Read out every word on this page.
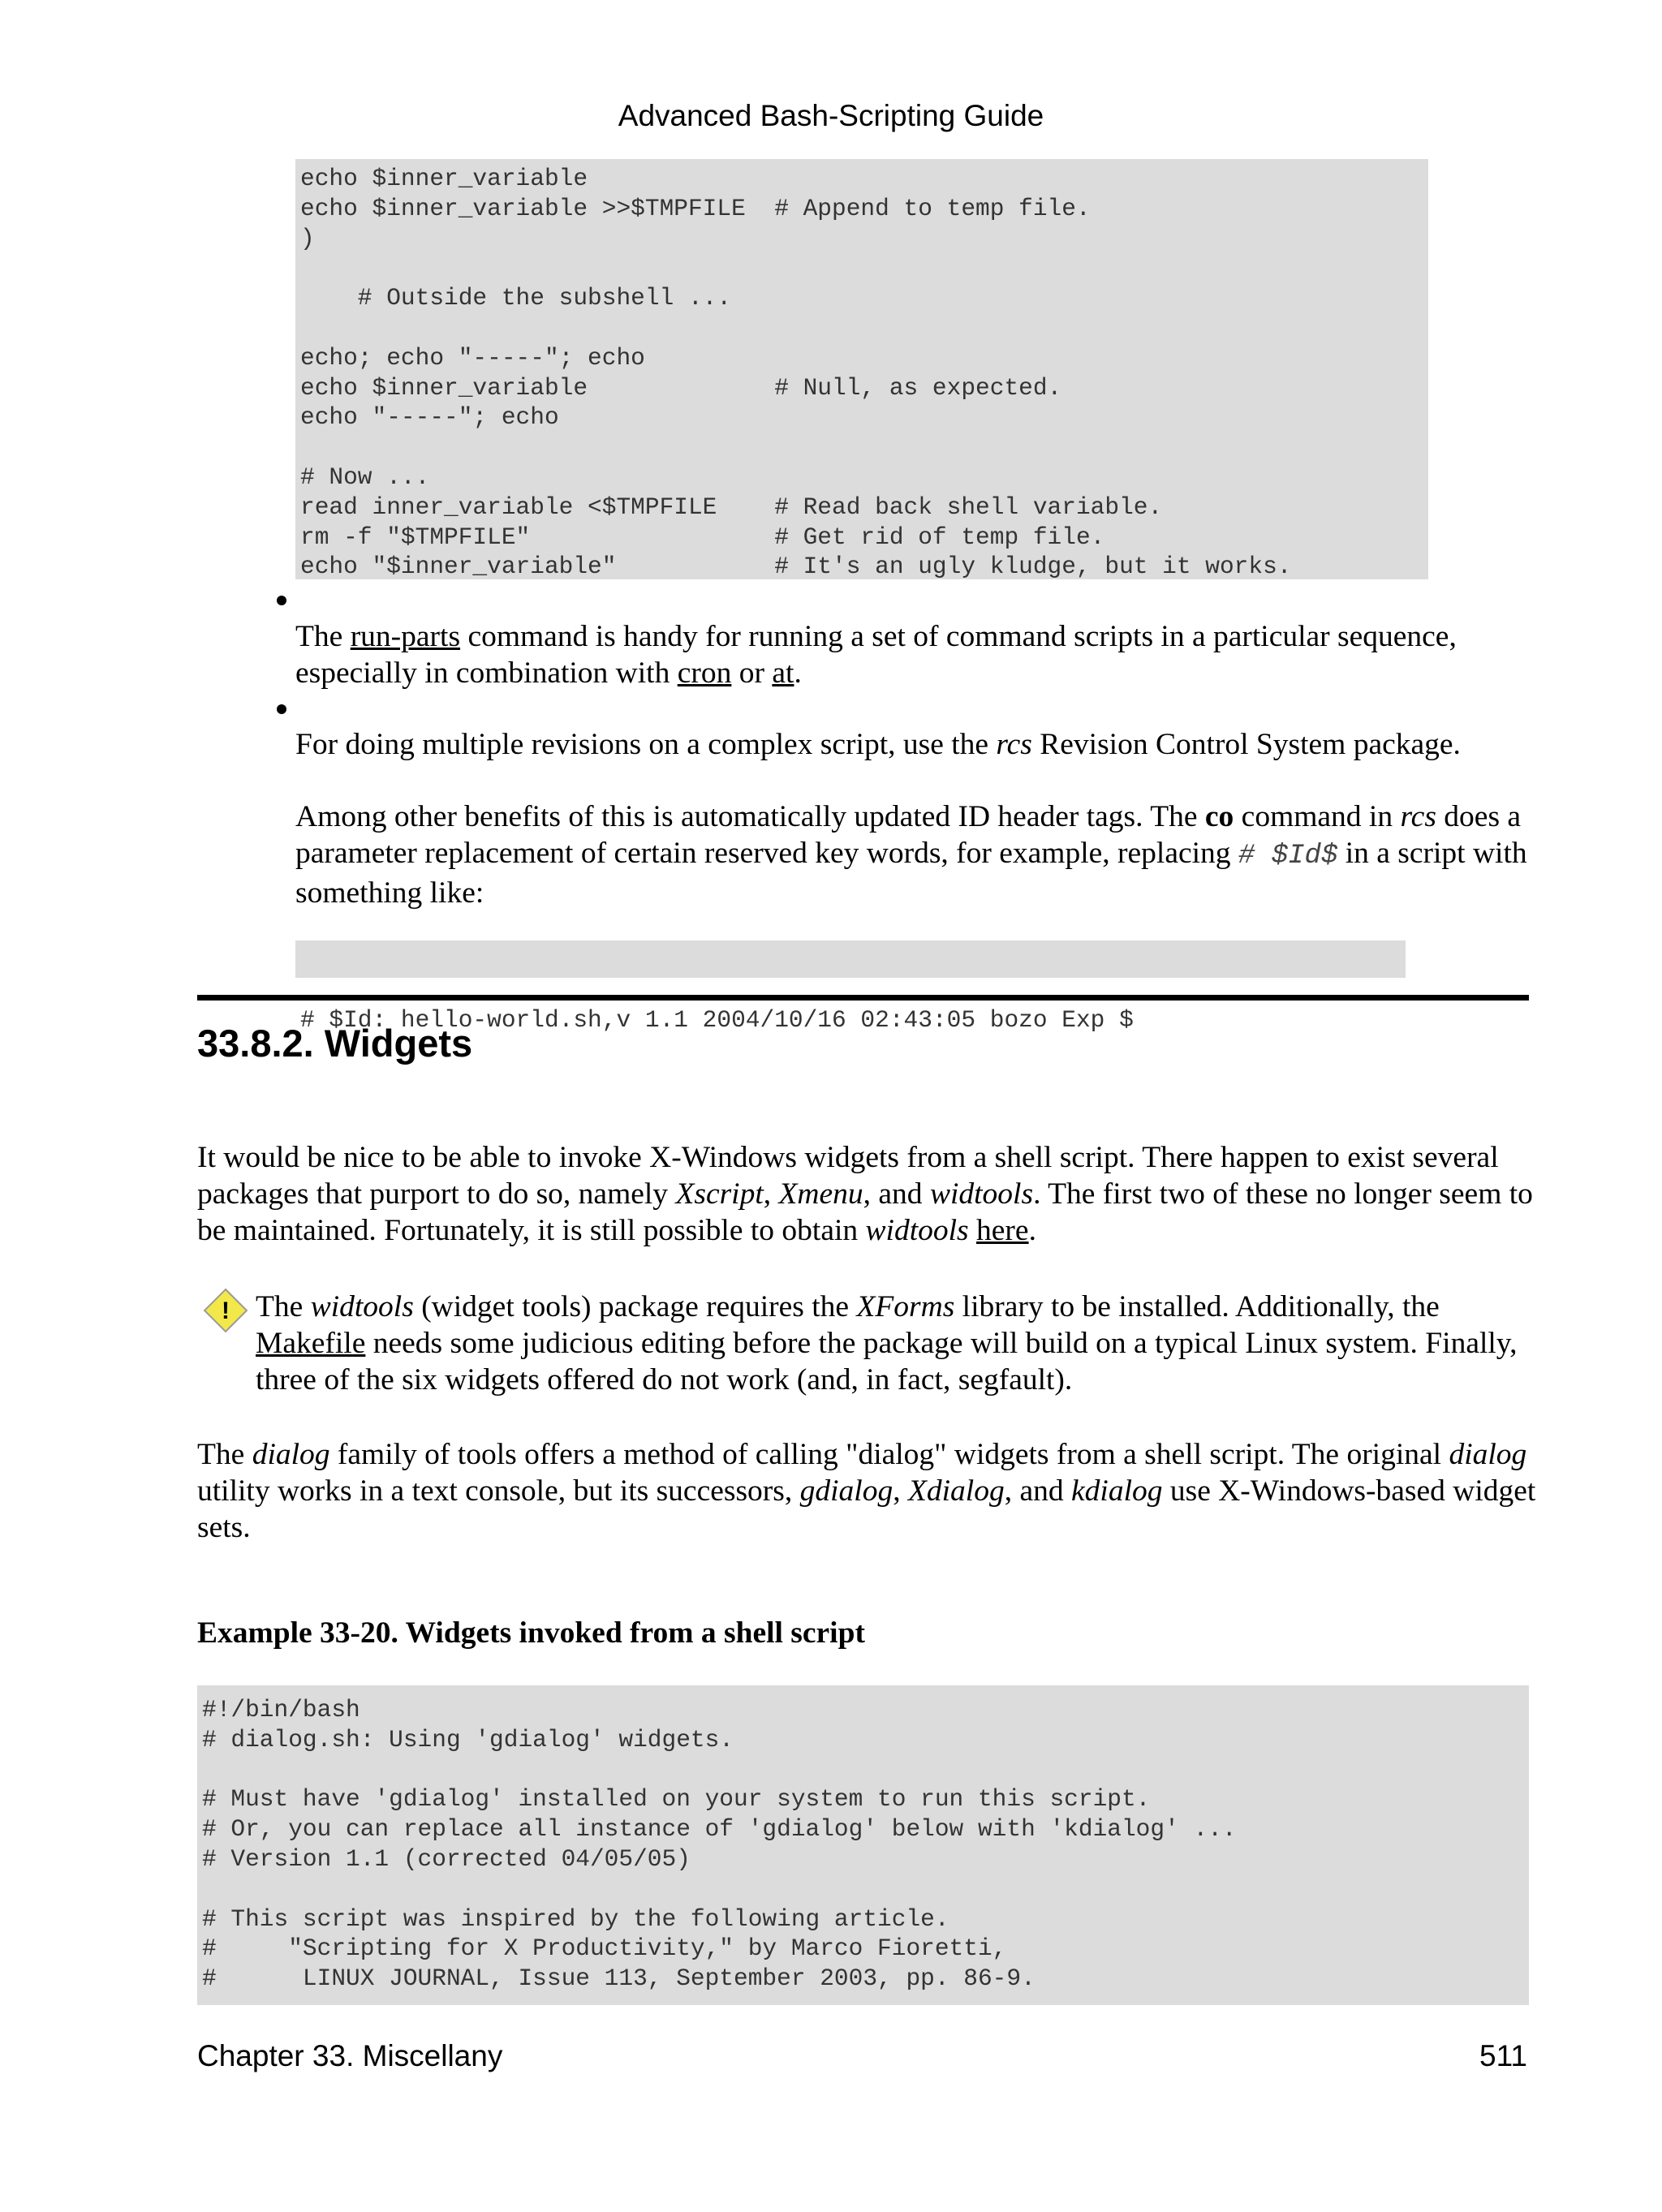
Advanced Bash-Scripting Guide
echo $inner_variable
echo $inner_variable >>$TMPFILE  # Append to temp file.
)
# Outside the subshell ...
echo; echo "-----"; echo
echo $inner_variable             # Null, as expected.
echo "-----"; echo
# Now ...
read inner_variable <$TMPFILE    # Read back shell variable.
rm -f "$TMPFILE"                 # Get rid of temp file.
echo "$inner_variable"           # It's an ugly kludge, but it works.
The run-parts command is handy for running a set of command scripts in a particular sequence,
especially in combination with cron or at.
For doing multiple revisions on a complex script, use the rcs Revision Control System package.
Among other benefits of this is automatically updated ID header tags. The co command in rcs does a
parameter replacement of certain reserved key words, for example, replacing # $Id$ in a script with
something like:

# $Id: hello-world.sh,v 1.1 2004/10/16 02:43:05 bozo Exp $

33.8.2. Widgets
It would be nice to be able to invoke X-Windows widgets from a shell script. There happen to exist several
packages that purport to do so, namely Xscript, Xmenu, and widtools. The first two of these no longer seem to
be maintained. Fortunately, it is still possible to obtain widtools here.
! The widtools (widget tools) package requires the XForms library to be installed. Additionally, the
Makefile needs some judicious editing before the package will build on a typical Linux system. Finally,
three of the six widgets offered do not work (and, in fact, segfault).
The dialog family of tools offers a method of calling "dialog" widgets from a shell script. The original dialog
utility works in a text console, but its successors, gdialog, Xdialog, and kdialog use X-Windows-based widget
sets.
Example 33-20. Widgets invoked from a shell script
#!/bin/bash
# dialog.sh: Using 'gdialog' widgets.
# Must have 'gdialog' installed on your system to run this script.
# Or, you can replace all instance of 'gdialog' below with 'kdialog' ...
# Version 1.1 (corrected 04/05/05)
# This script was inspired by the following article.
#     "Scripting for X Productivity," by Marco Fioretti,
#      LINUX JOURNAL, Issue 113, September 2003, pp. 86-9.
Chapter 33. Miscellany	511
